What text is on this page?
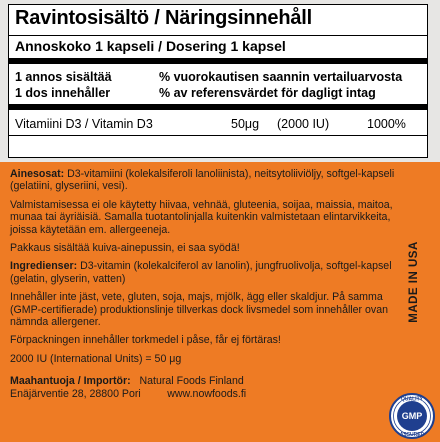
Ravintosisältö / Näringsinnehåll
Annoskoko 1 kapseli / Dosering 1 kapsel
1 annos sisältää	% vuorokautisen saannin vertailuarvosta
1 dos innehåller	% av referensvärdet för dagligt intag
Vitamiini D3 / Vitamin D3	50μg (2000 IU)	1000%

Ainesosat: D3-vitamiini (kolekalsiferoli lanoliinista), neitsytoliiviöljy, softgel-kapseli (gelatiini, glyseriini, vesi).

Valmistamisessa ei ole käytetty hiivaa, vehnää, gluteenia, soijaa, maissia, maitoa, munaa tai äyriäisiä. Samalla tuotantolinjalla kuitenkin valmistetaan elintarvikkeita, joissa käytetään em. allergeeneja.

Pakkaus sisältää kuiva-ainepussin, ei saa syödä!

Ingredienser: D3-vitamin (kolekalciferol av lanolin), jungfruolivolja, softgel-kapsel (gelatin, glyserin, vatten)

Innehåller inte jäst, vete, gluten, soja, majs, mjölk, ägg eller skaldjur. På samma (GMP-certifierade) produktionslinje tillverkas dock livsmedel som innehåller ovan nämnda allergener.

Förpackningen innehåller torkmedel i påse, får ej förtäras!

2000 IU (International Units) = 50 μg

Maahantuoja / Importör: Natural Foods Finland
Enäjärventie 28, 28800 Pori	www.nowfoods.fi

MADE IN USA
QUALITY
GMP
ASSURED
